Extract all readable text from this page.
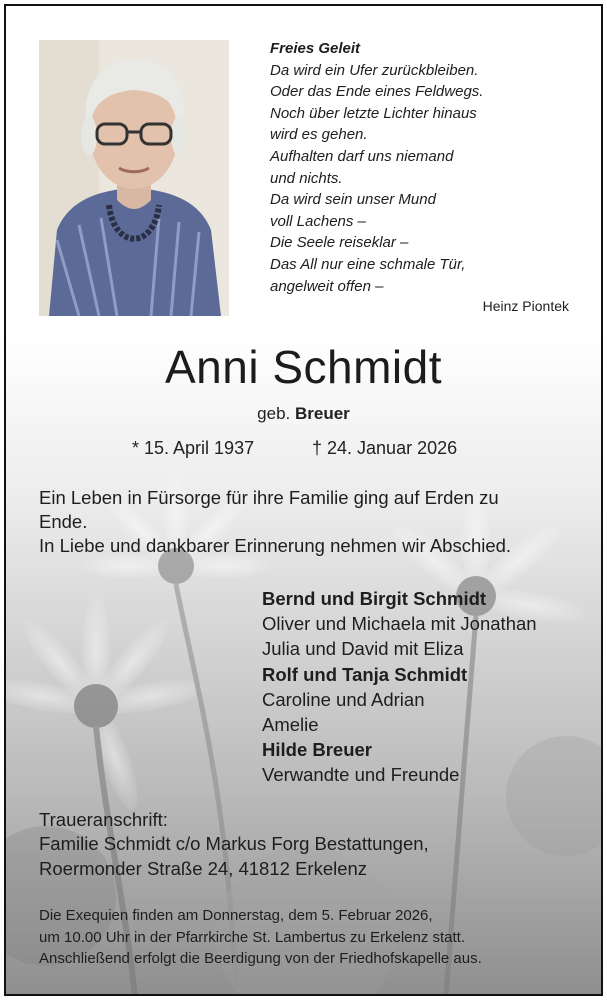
Freies Geleit
Da wird ein Ufer zurückbleiben.
Oder das Ende eines Feldwegs.
Noch über letzte Lichter hinaus
wird es gehen.
Aufhalten darf uns niemand
und nichts.
Da wird sein unser Mund
voll Lachens –
Die Seele reiseklar –
Das All nur eine schmale Tür,
angelweit offen –
Heinz Piontek
Anni Schmidt
geb. Breuer
* 15. April 1937	† 24. Januar 2026
Ein Leben in Fürsorge für ihre Familie ging auf Erden zu
Ende.
In Liebe und dankbarer Erinnerung nehmen wir Abschied.
Bernd und Birgit Schmidt
Oliver und Michaela mit Jonathan
Julia und David mit Eliza
Rolf und Tanja Schmidt
Caroline und Adrian
Amelie
Hilde Breuer
Verwandte und Freunde
Traueranschrift:
Familie Schmidt c/o Markus Forg Bestattungen,
Roermonder Straße 24, 41812 Erkelenz
Die Exequien finden am Donnerstag, dem 5. Februar 2026,
um 10.00 Uhr in der Pfarrkirche St. Lambertus zu Erkelenz statt.
Anschließend erfolgt die Beerdigung von der Friedhofskapelle aus.
